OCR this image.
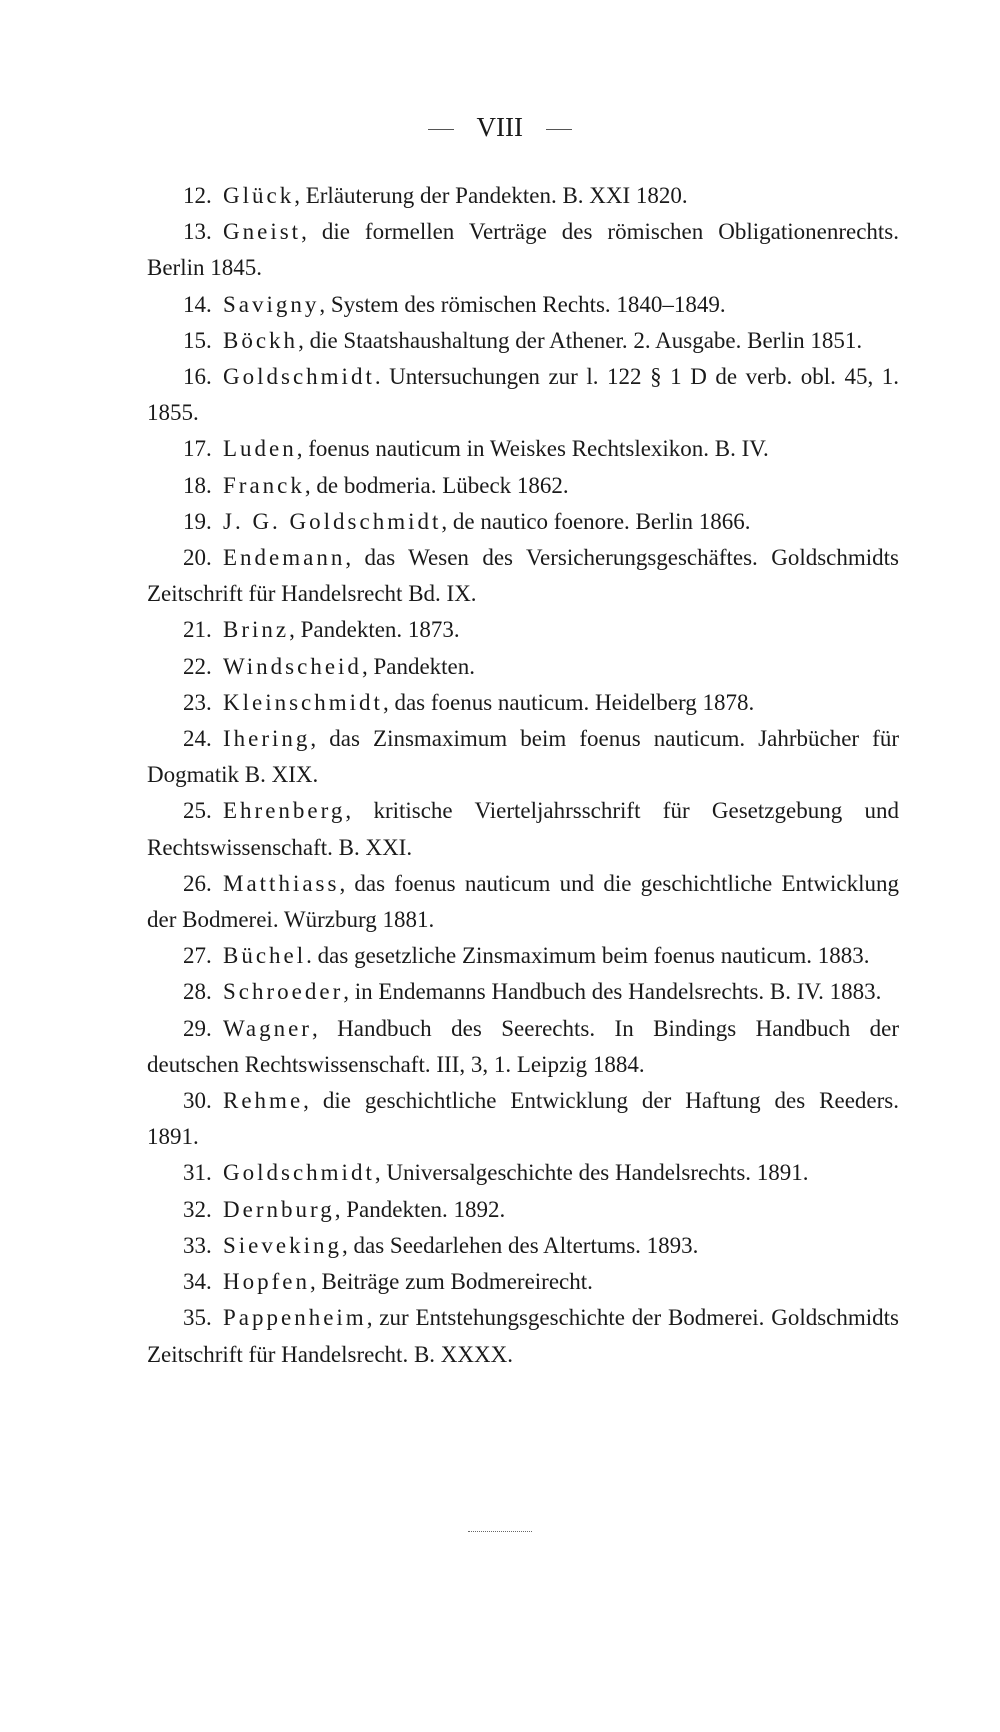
VIII

12. Glück, Erläuterung der Pandekten. B. XXI 1820.

13. Gneist, die formellen Verträge des römischen Obligationenrechts. Berlin 1845.

14. Savigny, System des römischen Rechts. 1840–1849.

15. Böckh, die Staatshaushaltung der Athener. 2. Ausgabe. Berlin 1851.

16. Goldschmidt. Untersuchungen zur l. 122 § 1 D de verb. obl. 45, 1. 1855.

17. Luden, foenus nauticum in Weiskes Rechtslexikon. B. IV.

18. Franck, de bodmeria. Lübeck 1862.

19. J. G. Goldschmidt, de nautico foenore. Berlin 1866.

20. Endemann, das Wesen des Versicherungsgeschäftes. Goldschmidts Zeitschrift für Handelsrecht Bd. IX.

21. Brinz, Pandekten. 1873.

22. Windscheid, Pandekten.

23. Kleinschmidt, das foenus nauticum. Heidelberg 1878.

24. Ihering, das Zinsmaximum beim foenus nauticum. Jahrbücher für Dogmatik B. XIX.

25. Ehrenberg, kritische Vierteljahrsschrift für Gesetzgebung und Rechtswissenschaft. B. XXI.

26. Matthiass, das foenus nauticum und die geschichtliche Entwicklung der Bodmerei. Würzburg 1881.

27. Büchel. das gesetzliche Zinsmaximum beim foenus nauticum. 1883.

28. Schroeder, in Endemanns Handbuch des Handelsrechts. B. IV. 1883.

29. Wagner, Handbuch des Seerechts. In Bindings Handbuch der deutschen Rechtswissenschaft. III, 3, 1. Leipzig 1884.

30. Rehme, die geschichtliche Entwicklung der Haftung des Reeders. 1891.

31. Goldschmidt, Universalgeschichte des Handelsrechts. 1891.

32. Dernburg, Pandekten. 1892.

33. Sieveking, das Seedarlehen des Altertums. 1893.

34. Hopfen, Beiträge zum Bodmereirecht.

35. Pappenheim, zur Entstehungsgeschichte der Bodmerei. Goldschmidts Zeitschrift für Handelsrecht. B. XXXX.
